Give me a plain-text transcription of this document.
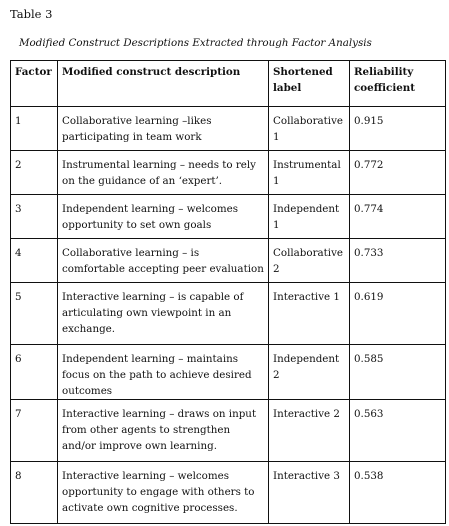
Table 3
Modified Construct Descriptions Extracted through Factor Analysis
Factor	Modified construct description	Shortened label	Reliability coefficient
1	Collaborative learning –likes participating in team work	Collaborative 1	0.915
2	Instrumental learning – needs to rely on the guidance of an ‘expert’.	Instrumental 1	0.772
3	Independent learning – welcomes opportunity to set own goals	Independent 1	0.774
4	Collaborative learning – is comfortable accepting peer evaluation	Collaborative 2	0.733
5	Interactive learning – is capable of articulating own viewpoint in an exchange.	Interactive 1	0.619
6	Independent learning – maintains focus on the path to achieve desired outcomes	Independent 2	0.585
7	Interactive learning – draws on input from other agents to strengthen and/or improve own learning.	Interactive 2	0.563
8	Interactive learning – welcomes opportunity to engage with others to activate own cognitive processes.	Interactive 3	0.538
